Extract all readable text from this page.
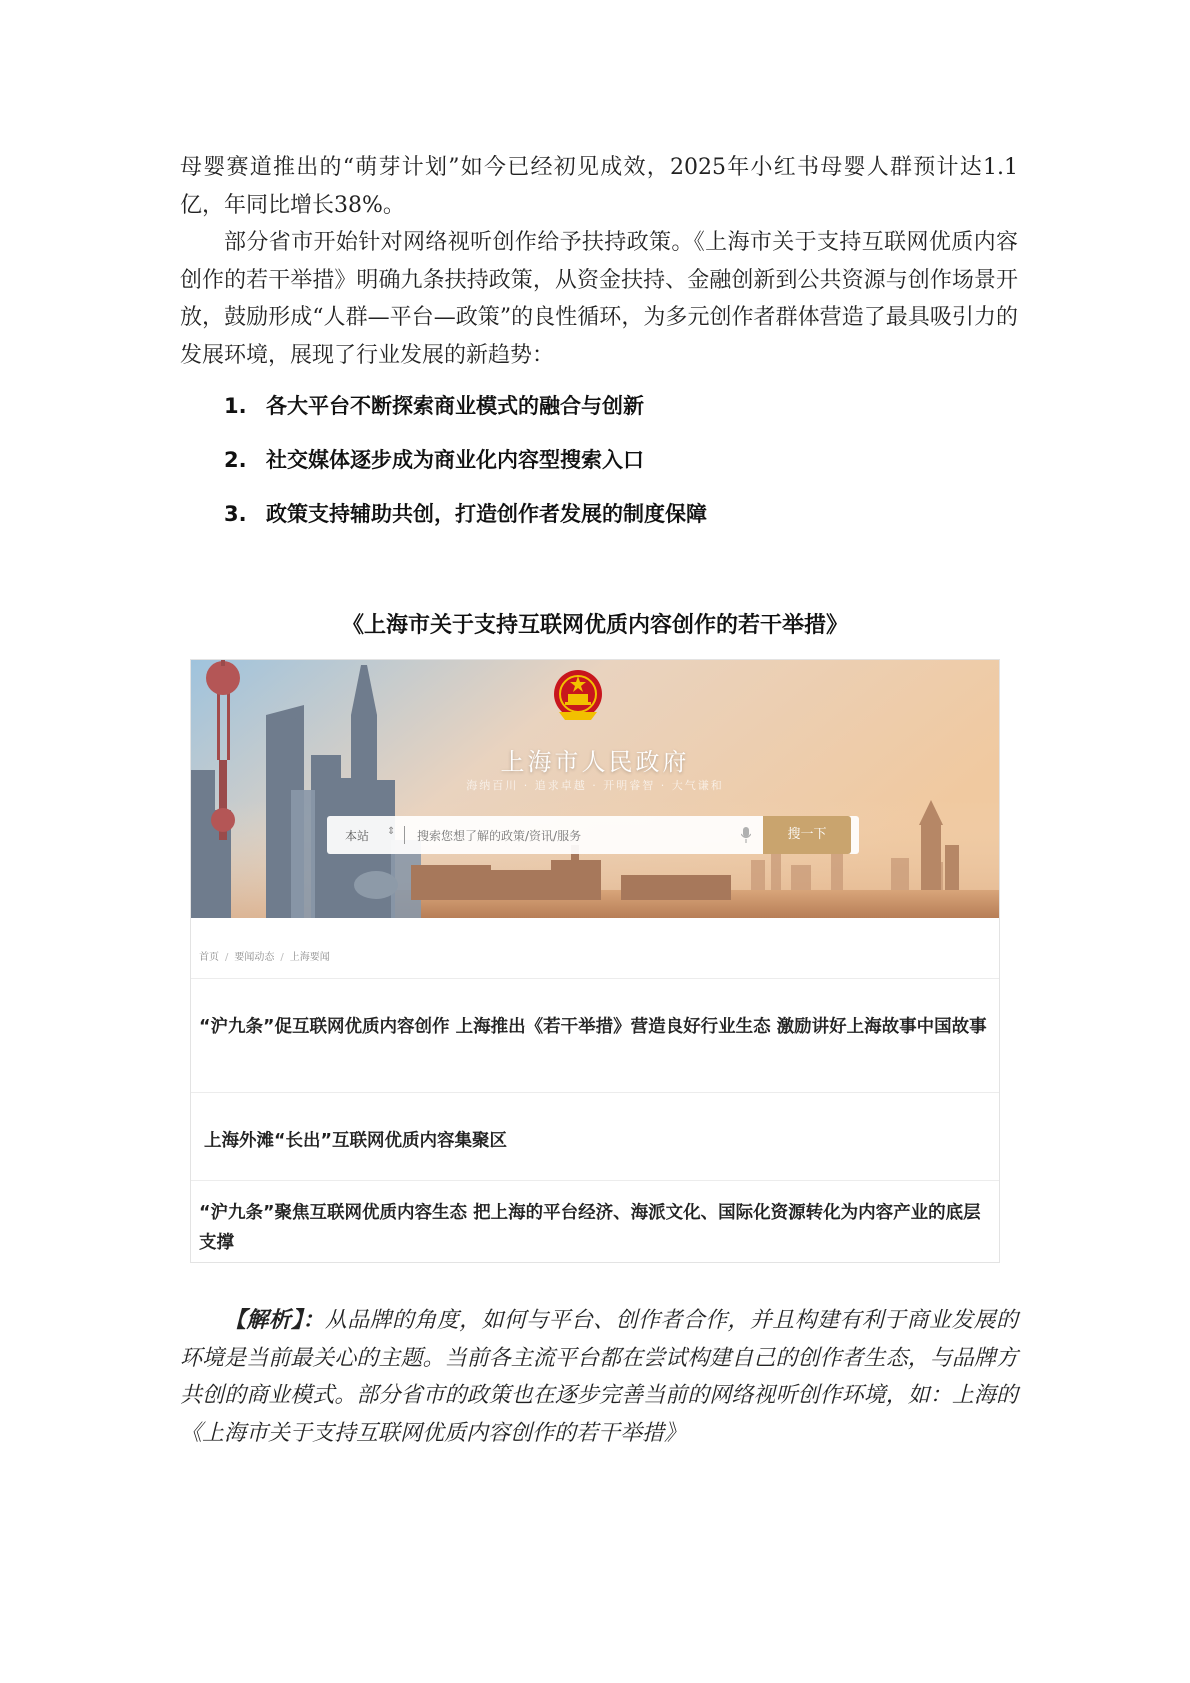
母婴赛道推出的“萌芽计划”如今已经初见成效，2025年小红书母婴人群预计达1.1亿，年同比增长38%。

部分省市开始针对网络视听创作给予扶持政策。《上海市关于支持互联网优质内容创作的若干举措》明确九条扶持政策，从资金扶持、金融创新到公共资源与创作场景开放，鼓励形成“人群—平台—政策”的良性循环，为多元创作者群体营造了最具吸引力的发展环境，展现了行业发展的新趋势：

1. 各大平台不断探索商业模式的融合与创新
2. 社交媒体逐步成为商业化内容型搜索入口
3. 政策支持辅助共创，打造创作者发展的制度保障

《上海市关于支持互联网优质内容创作的若干举措》

上海市人民政府
海纳百川 · 追求卓越 · 开明睿智 · 大气谦和
本站 ⇕ 搜索您想了解的政策/资讯/服务	搜一下
首页 / 要闻动态 / 上海要闻

“沪九条”促互联网优质内容创作 上海推出《若干举措》营造良好行业生态 激励讲好上海故事中国故事

上海外滩“长出”互联网优质内容集聚区

“沪九条”聚焦互联网优质内容生态 把上海的平台经济、海派文化、国际化资源转化为内容产业的底层支撑

【解析】：从品牌的角度，如何与平台、创作者合作，并且构建有利于商业发展的环境是当前最关心的主题。当前各主流平台都在尝试构建自己的创作者生态，与品牌方共创的商业模式。部分省市的政策也在逐步完善当前的网络视听创作环境，如：上海的《上海市关于支持互联网优质内容创作的若干举措》
